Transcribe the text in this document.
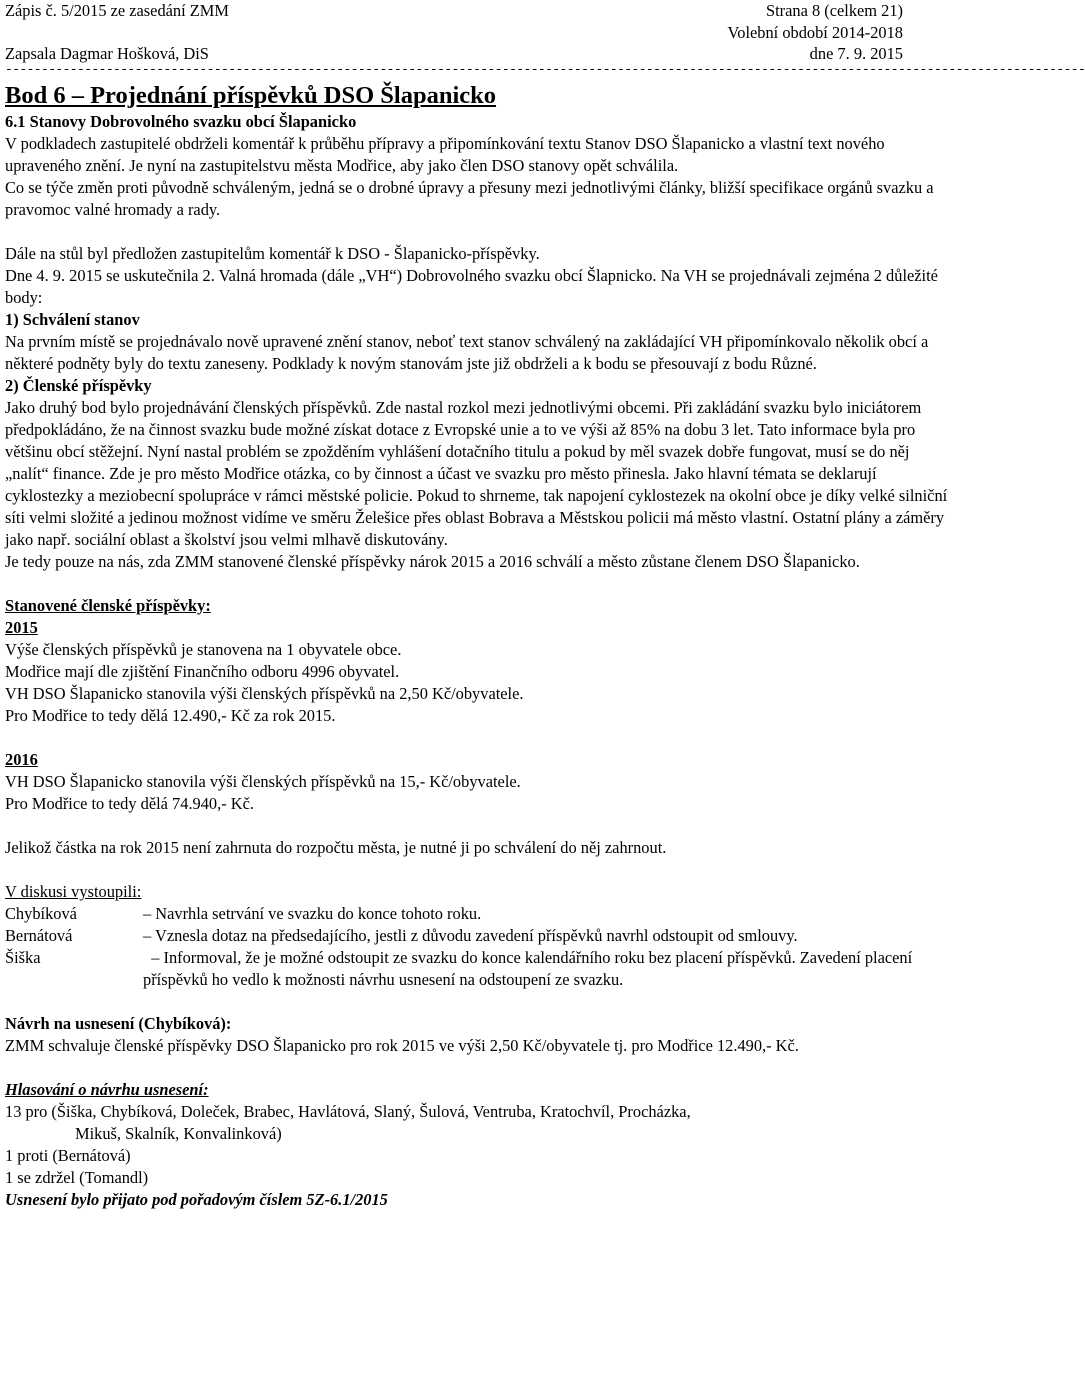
Zápis č. 5/2015 ze zasedání ZMM	Strana 8 (celkem 21)
Volební období 2014-2018
Zapsala Dagmar Hošková, DiS	dne 7. 9. 2015
------------------------------------------------------------------------------------------------------------------------------------------------------
Bod 6 – Projednání příspěvků DSO Šlapanicko

6.1 Stanovy Dobrovolného svazku obcí Šlapanicko

V podkladech zastupitelé obdrželi komentář k průběhu přípravy a připomínkování textu Stanov DSO Šlapanicko a vlastní text nového upraveného znění. Je nyní na zastupitelstvu města Modřice, aby jako člen DSO stanovy opět schválila.

Co se týče změn proti původně schváleným, jedná se o drobné úpravy a přesuny mezi jednotlivými články, bližší specifikace orgánů svazku a pravomoc valné hromady a rady.

Dále na stůl byl předložen zastupitelům komentář k DSO - Šlapanicko-příspěvky.

Dne 4. 9. 2015 se uskutečnila 2. Valná hromada (dále „VH“) Dobrovolného svazku obcí Šlapnicko. Na VH se projednávali zejména 2 důležité body:

1) Schválení stanov

Na prvním místě se projednávalo nově upravené znění stanov, neboť text stanov schválený na zakládající VH připomínkovalo několik obcí a některé podněty byly do textu zaneseny. Podklady k novým stanovám jste již obdrželi a k bodu se přesouvají z bodu Různé.

2) Členské příspěvky

Jako druhý bod bylo projednávání členských příspěvků. Zde nastal rozkol mezi jednotlivými obcemi. Při zakládání svazku bylo iniciátorem předpokládáno, že na činnost svazku bude možné získat dotace z Evropské unie a to ve výši až 85% na dobu 3 let. Tato informace byla pro většinu obcí stěžejní. Nyní nastal problém se zpožděním vyhlášení dotačního titulu a pokud by měl svazek dobře fungovat, musí se do něj „nalít“ finance. Zde je pro město Modřice otázka, co by činnost a účast ve svazku pro město přinesla. Jako hlavní témata se deklarují cyklostezky a meziobecní spolupráce v rámci městské policie. Pokud to shrneme, tak napojení cyklostezek na okolní obce je díky velké silniční síti velmi složité a jedinou možnost vidíme ve směru Želešice přes oblast Bobrava a Městskou policii má město vlastní. Ostatní plány a záměry jako např. sociální oblast a školství jsou velmi mlhavě diskutovány.

Je tedy pouze na nás, zda ZMM stanovené členské příspěvky nárok 2015 a 2016 schválí a město zůstane členem DSO Šlapanicko.

Stanovené členské příspěvky:

2015

Výše členských příspěvků je stanovena na 1 obyvatele obce.

Modřice mají dle zjištění Finančního odboru 4996 obyvatel.

VH DSO Šlapanicko stanovila výši členských příspěvků na 2,50 Kč/obyvatele.

Pro Modřice to tedy dělá 12.490,- Kč za rok 2015.

2016

VH DSO Šlapanicko stanovila výši členských příspěvků na 15,- Kč/obyvatele.

Pro Modřice to tedy dělá 74.940,- Kč.

Jelikož částka na rok 2015 není zahrnuta do rozpočtu města, je nutné ji po schválení do něj zahrnout.

V diskusi vystoupili:

Chybíková	– Navrhla setrvání ve svazku do konce tohoto roku.
Bernátová	– Vznesla dotaz na předsedajícího, jestli z důvodu zavedení příspěvků navrhl odstoupit od smlouvy.
Šiška	– Informoval, že je možné odstoupit ze svazku do konce kalendářního roku bez placení příspěvků. Zavedení placení příspěvků ho vedlo k možnosti návrhu usnesení na odstoupení ze svazku.

Návrh na usnesení (Chybíková):

ZMM schvaluje členské příspěvky DSO Šlapanicko pro rok 2015 ve výši 2,50 Kč/obyvatele tj. pro Modřice 12.490,- Kč.

Hlasování o návrhu usnesení:

13 pro (Šiška, Chybíková, Doleček, Brabec, Havlátová, Slaný, Šulová, Ventruba, Kratochvíl, Procházka,

Mikuš, Skalník, Konvalinková)

1 proti (Bernátová)

1 se zdržel (Tomandl)

Usnesení bylo přijato pod pořadovým číslem 5Z-6.1/2015
